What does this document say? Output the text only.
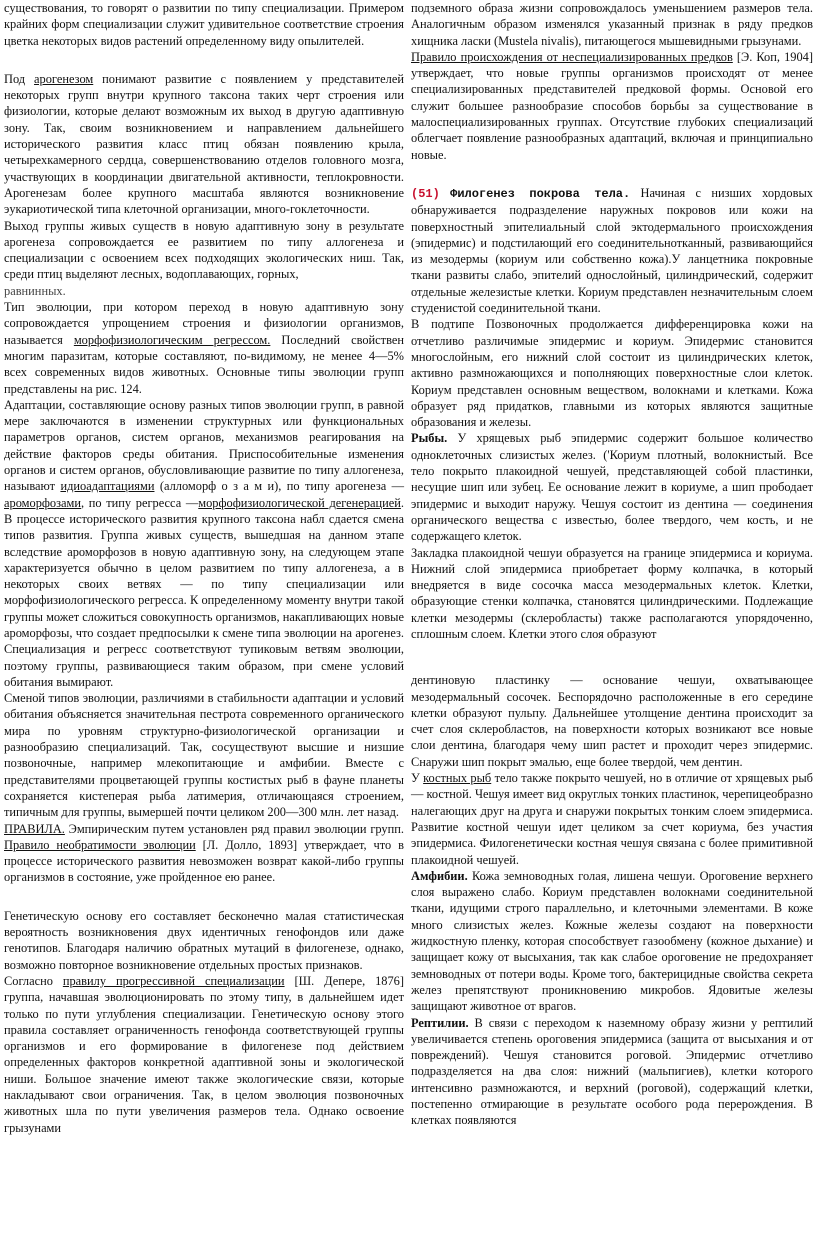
существования, то говорят о развитии по типу специализации. Примером крайних форм специализации служит удивительное соответствие строения цветка некоторых видов растений определенному виду опылителей.

Под арогенезом понимают развитие с появлением у представителей некоторых групп внутри крупного таксона таких черт строения или физиологии, которые делают возможным их выход в другую адаптивную зону. Так, своим возникновением и направлением дальнейшего исторического развития класс птиц обязан появлению крыла, четырехкамерного сердца, совершенствованию отделов головного мозга, участвующих в координации двигательной активности, теплокровности. Арогенезам более крупного масштаба являются возникновение эукариотической типа клеточной организации, много-гоклеточности.

Выход группы живых существ в новую адаптивную зону в результате арогенеза сопровождается ее развитием по типу аллогенеза и специализации с освоением всех подходящих экологических ниш. Так, среди птиц выделяют лесных, водоплавающих, горных,

равнинных.

Тип эволюции, при котором переход в новую адаптивную зону сопровождается упрощением строения и физиологии организмов, называется морфофизиологическим регрессом. Последний свойствен многим паразитам, которые составляют, по-видимому, не менее 4—5% всех современных видов животных. Основные типы эволюции групп представлены на рис. 124.

Адаптации, составляющие основу разных типов эволюции групп, в равной мере заключаются в изменении структурных или функциональных параметров органов, систем органов, механизмов реагирования на действие факторов среды обитания. Приспособительные изменения органов и систем органов, обусловливающие развитие по типу аллогенеза, называют идиоадаптациями (алломорф о з а м и), по типу арогенеза — ароморфозами, по типу регресса —морфофизиологической дегенерацией. В процессе исторического развития крупного таксона набл сдается смена типов развития. Группа живых существ, вышедшая на данном этапе вследствие ароморфозов в новую адаптивную зону, на следующем этапе характеризуется обычно в целом развитием по типу аллогенеза, а в некоторых своих ветвях — по типу специализации или морфофизиологического регресса. К определенному моменту внутри такой группы может сложиться совокупность организмов, накапливающих новые ароморфозы, что создает предпосылки к смене типа эволюции на арогенез. Специализация и регресс соответствуют тупиковым ветвям эволюции, поэтому группы, развивающиеся таким образом, при смене условий обитания вымирают.

Сменой типов эволюции, различиями в стабильности адаптации и условий обитания объясняется значительная пестрота современного органического мира по уровням структурно-физиологической организации и разнообразию специализаций. Так, сосуществуют высшие и низшие позвоночные, например млекопитающие и амфибии. Вместе с представителями процветающей группы костистых рыб в фауне планеты сохраняется кистеперая рыба латимерия, отличающаяся строением, типичным для группы, вымершей почти целиком 200—300 млн. лет назад.

ПРАВИЛА. Эмпирическим путем установлен ряд правил эволюции групп. Правило необратимости эволюции [Л. Долло, 1893] утверждает, что в процессе исторического развития невозможен возврат какой-либо группы организмов в состояние, уже пройденное ею ранее.

Генетическую основу его составляет бесконечно малая статистическая вероятность возникновения двух идентичных генофондов или даже генотипов. Благодаря наличию обратных мутаций в филогенезе, однако, возможно повторное возникновение отдельных простых признаков.

Согласно правилу прогрессивной специализации [Ш. Депере, 1876] группа, начавшая эволюционировать по этому типу, в дальнейшем идет только по пути углубления специализации. Генетическую основу этого правила составляет ограниченность генофонда соответствующей группы организмов и его формирование в филогенезе под действием определенных факторов конкретной адаптивной зоны и экологической ниши. Большое значение имеют также экологические связи, которые накладывают свои ограничения. Так, в целом эволюция позвоночных животных шла по пути увеличения размеров тела. Однако освоение грызунами

подземного образа жизни сопровождалось уменьшением размеров тела. Аналогичным образом изменялся указанный признак в ряду предков хищника ласки (Mustela nivalis), питающегося мышевидными грызунами.

Правило происхождения от неспециализированных предков [Э. Коп, 1904] утверждает, что новые группы организмов происходят от менее специализированных представителей предковой формы. Основой его служит большее разнообразие способов борьбы за существование в малоспециализированных группах. Отсутствие глубоких специализаций облегчает появление разнообразных адаптаций, включая и принципиально новые.

(51) Филогенез покрова тела. Начиная с низших хордовых обнаруживается подразделение наружных покровов или кожи на поверхностный эпителиальный слой эктодермального происхождения (эпидермис) и подстилающий его соединительнотканный, развивающийся из мезодермы (кориум или собственно кожа).У ланцетника покровные ткани развиты слабо, эпителий однослойный, цилиндрический, содержит отдельные железистые клетки. Кориум представлен незначительным слоем студенистой соединительной ткани.

В подтипе Позвоночных продолжается дифференцировка кожи на отчетливо различимые эпидермис и кориум. Эпидермис становится многослойным, его нижний слой состоит из цилиндрических клеток, активно размножающихся и пополняющих поверхностные слои клеток. Кориум представлен основным веществом, волокнами и клетками. Кожа образует ряд придатков, главными из которых являются защитные образования и железы.

Рыбы. У хрящевых рыб эпидермис содержит большое количество одноклеточных слизистых желез. ('Кориум плотный, волокнистый. Все тело покрыто плакоидной чешуей, представляющей собой пластинки, несущие шип или зубец. Ее основание лежит в кориуме, а шип прободает эпидермис и выходит наружу. Чешуя состоит из дентина — соединения органического вещества с известью, более твердого, чем кость, и не содержащего клеток.

Закладка плакоидной чешуи образуется на границе эпидермиса и кориума. Нижний слой эпидермиса приобретает форму колпачка, в который внедряется в виде сосочка масса мезодермальных клеток. Клетки, образующие стенки колпачка, становятся цилиндрическими. Подлежащие клетки мезодермы (склеробласты) также располагаются упорядоченно, сплошным слоем. Клетки этого слоя образуют

дентиновую пластинку — основание чешуи, охватывающее мезодермальный сосочек. Беспорядочно расположенные в его середине клетки образуют пульпу. Дальнейшее утолщение дентина происходит за счет слоя склеробластов, на поверхности которых возникают все новые слои дентина, благодаря чему шип растет и проходит через эпидермис. Снаружи шип покрыт эмалью, еще более твердой, чем дентин.

У костных рыб тело также покрыто чешуей, но в отличие от хрящевых рыб — костной. Чешуя имеет вид округлых тонких пластинок, черепицеобразно налегающих друг на друга и снаружи покрытых тонким слоем эпидермиса. Развитие костной чешуи идет целиком за счет кориума, без участия эпидермиса. Филогенетически костная чешуя связана с более примитивной плакоидной чешуей.

Амфибии. Кожа земноводных голая, лишена чешуи. Ороговение верхнего слоя выражено слабо. Кориум представлен волокнами соединительной ткани, идущими строго параллельно, и клеточными элементами. В коже много слизистых желез. Кожные железы создают на поверхности жидкостную пленку, которая способствует газообмену (кожное дыхание) и защищает кожу от высыхания, так как слабое ороговение не предохраняет земноводных от потери воды. Кроме того, бактерицидные свойства секрета желез препятствуют проникновению микробов. Ядовитые железы защищают животное от врагов.

Рептилии. В связи с переходом к наземному образу жизни у рептилий увеличивается степень ороговения эпидермиса (защита от высыхания и от повреждений). Чешуя становится роговой. Эпидермис отчетливо подразделяется на два слоя: нижний (мальпигиев), клетки которого интенсивно размножаются, и верхний (роговой), содержащий клетки, постепенно отмирающие в результате особого рода перерождения. В клетках появляются
